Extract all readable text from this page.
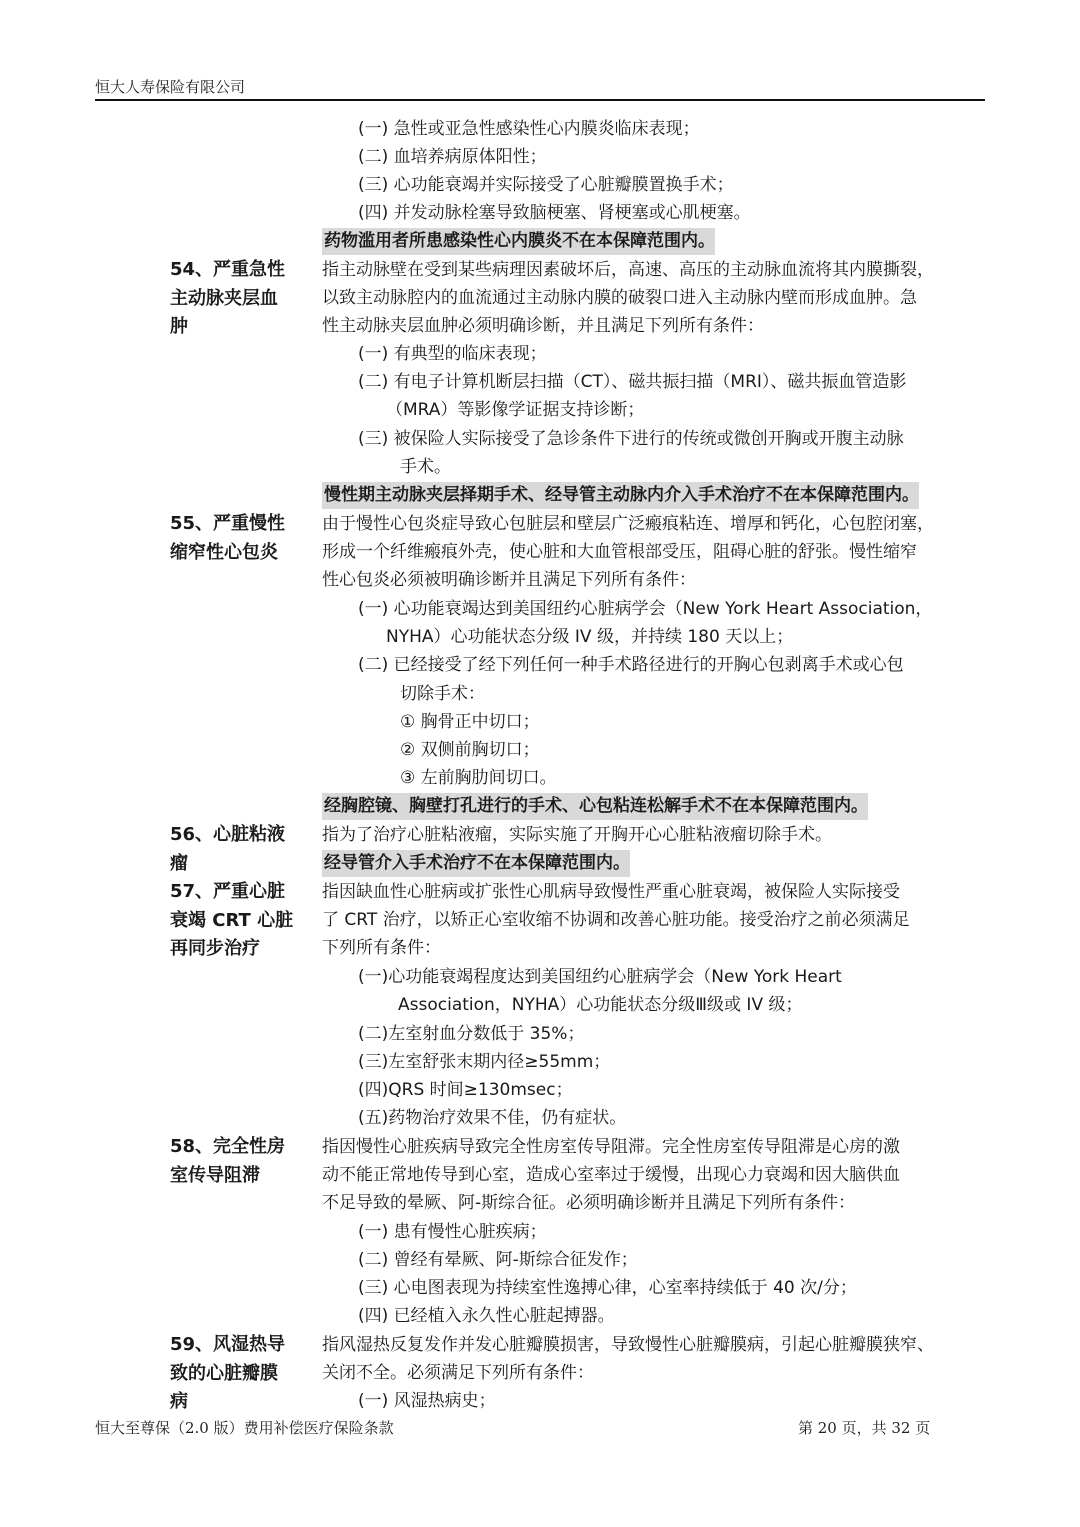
恒大人寿保险有限公司
(一) 急性或亚急性感染性心内膜炎临床表现；
(二) 血培养病原体阳性；
(三) 心功能衰竭并实际接受了心脏瓣膜置换手术；
(四) 并发动脉栓塞导致脑梗塞、肾梗塞或心肌梗塞。
药物滥用者所患感染性心内膜炎不在本保障范围内。
54、严重急性
主动脉夹层血
肿
指主动脉壁在受到某些病理因素破坏后，高速、高压的主动脉血流将其内膜撕裂，
以致主动脉腔内的血流通过主动脉内膜的破裂口进入主动脉内壁而形成血肿。急
性主动脉夹层血肿必须明确诊断，并且满足下列所有条件：
(一) 有典型的临床表现；
(二) 有电子计算机断层扫描（CT）、磁共振扫描（MRI）、磁共振血管造影
（MRA）等影像学证据支持诊断；
(三) 被保险人实际接受了急诊条件下进行的传统或微创开胸或开腹主动脉
手术。
慢性期主动脉夹层择期手术、经导管主动脉内介入手术治疗不在本保障范围内。
55、严重慢性
缩窄性心包炎
由于慢性心包炎症导致心包脏层和壁层广泛瘢痕粘连、增厚和钙化，心包腔闭塞，
形成一个纤维瘢痕外壳，使心脏和大血管根部受压，阻碍心脏的舒张。慢性缩窄
性心包炎必须被明确诊断并且满足下列所有条件：
(一) 心功能衰竭达到美国纽约心脏病学会（New York Heart Association，
NYHA）心功能状态分级 IV 级，并持续 180 天以上；
(二) 已经接受了经下列任何一种手术路径进行的开胸心包剥离手术或心包
切除手术：
① 胸骨正中切口；
② 双侧前胸切口；
③ 左前胸肋间切口。
经胸腔镜、胸壁打孔进行的手术、心包粘连松解手术不在本保障范围内。
56、心脏粘液
瘤
指为了治疗心脏粘液瘤，实际实施了开胸开心心脏粘液瘤切除手术。
经导管介入手术治疗不在本保障范围内。
57、严重心脏
衰竭 CRT 心脏
再同步治疗
指因缺血性心脏病或扩张性心肌病导致慢性严重心脏衰竭，被保险人实际接受
了 CRT 治疗，以矫正心室收缩不协调和改善心脏功能。接受治疗之前必须满足
下列所有条件：
(一)心功能衰竭程度达到美国纽约心脏病学会（New York Heart
Association，NYHA）心功能状态分级Ⅲ级或 IV 级；
(二)左室射血分数低于 35%；
(三)左室舒张末期内径≥55mm；
(四)QRS 时间≥130msec；
(五)药物治疗效果不佳，仍有症状。
58、完全性房
室传导阻滞
指因慢性心脏疾病导致完全性房室传导阻滞。完全性房室传导阻滞是心房的激
动不能正常地传导到心室，造成心室率过于缓慢，出现心力衰竭和因大脑供血
不足导致的晕厥、阿-斯综合征。必须明确诊断并且满足下列所有条件：
(一) 患有慢性心脏疾病；
(二) 曾经有晕厥、阿-斯综合征发作；
(三) 心电图表现为持续室性逸搏心律，心室率持续低于 40 次/分；
(四) 已经植入永久性心脏起搏器。
59、风湿热导
致的心脏瓣膜
病
指风湿热反复发作并发心脏瓣膜损害，导致慢性心脏瓣膜病，引起心脏瓣膜狭窄、
关闭不全。必须满足下列所有条件：
(一) 风湿热病史；
恒大至尊保（2.0 版）费用补偿医疗保险条款	第 20 页，共 32 页
